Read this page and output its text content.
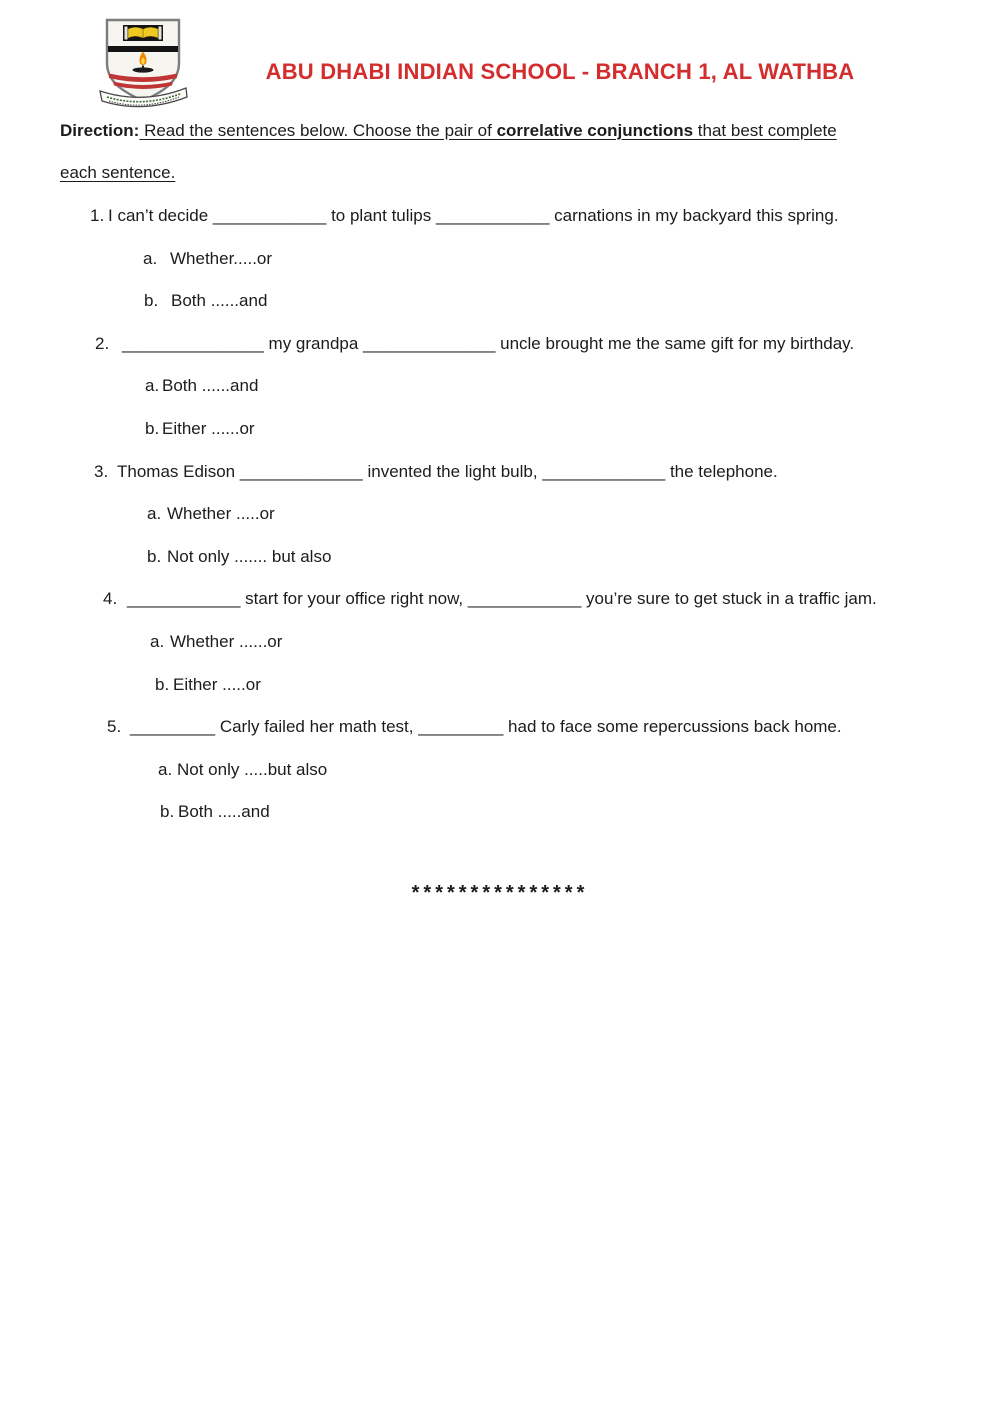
ABU DHABI INDIAN SCHOOL - BRANCH 1, AL WATHBA

Direction: Read the sentences below. Choose the pair of correlative conjunctions that best complete each sentence.

1. I can’t decide ____________ to plant tulips ____________ carnations in my backyard this spring.
a. Whether.....or
b. Both ......and
2. _______________ my grandpa ______________ uncle brought me the same gift for my birthday.
a. Both ......and
b. Either ......or
3. Thomas Edison _____________ invented the light bulb, _____________ the telephone.
a. Whether .....or
b. Not only ....... but also
4. ____________ start for your office right now, ____________ you’re sure to get stuck in a traffic jam.
a. Whether ......or
b. Either .....or
5. _________ Carly failed her math test, _________ had to face some repercussions back home.
a. Not only .....but also
b. Both .....and
***************
